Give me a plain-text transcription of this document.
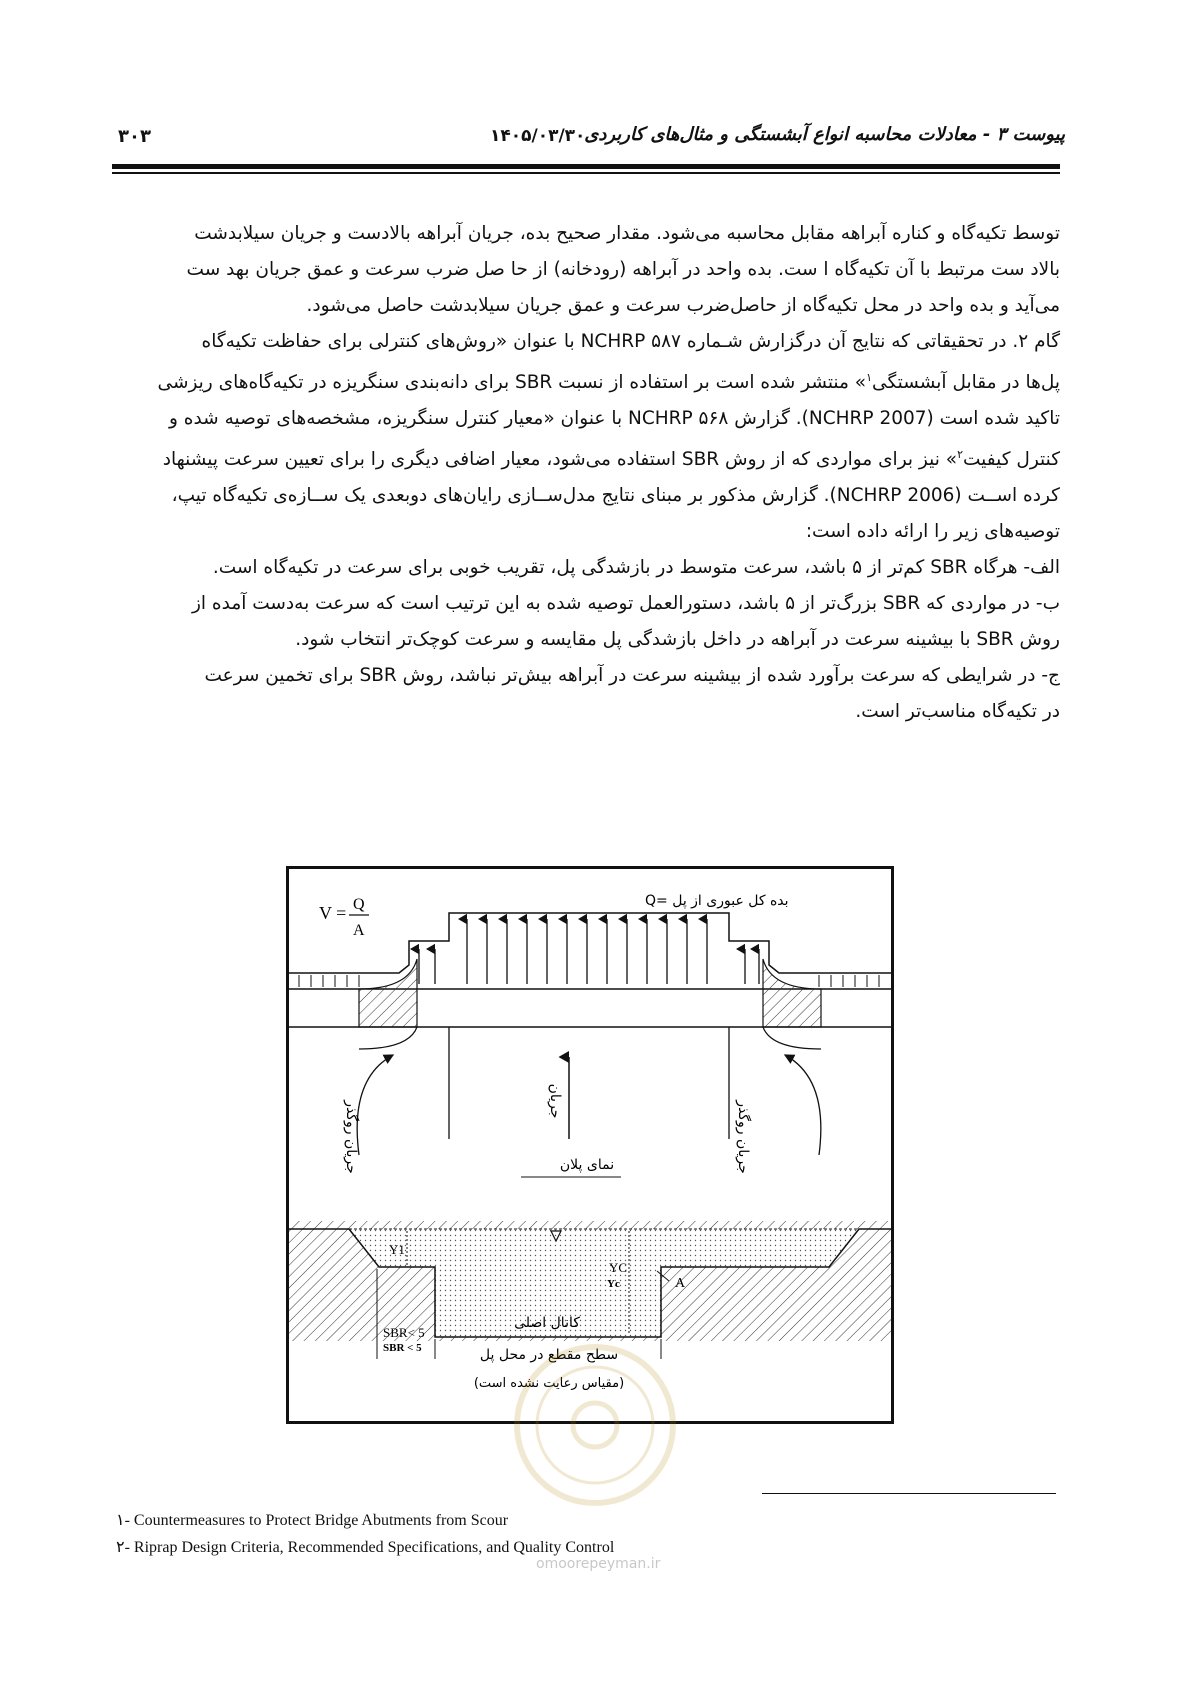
۳۰۳	۱۴۰۵/۰۳/۳۰
پیوست ۳ - معادلات محاسبه انواع آبشستگی و مثال‌های کاربردی

توسط تکیه‌گاه و کناره آبراهه مقابل محاسبه می‌شود. مقدار صحیح بده، جریان آبراهه بالادست و جریان سیلابدشت

بالاد ست مرتبط با آن تکیه‌گاه ا ست. بده واحد در آبراهه (رودخانه) از حا صل ضرب سرعت و عمق جریان بهد ست

می‌آید و بده واحد در محل تکیه‌گاه از حاصل‌ضرب سرعت و عمق جریان سیلابدشت حاصل می‌شود.

گام ۲. در تحقیقاتی که نتایج آن درگزارش شـماره NCHRP ۵۸۷ با عنوان «روش‌های کنترلی برای حفاظت تکیه‌گاه

پل‌ها در مقابل آبشستگی$^۱$» منتشر شده است بر استفاده از نسبت SBR برای دانه‌بندی سنگریزه در تکیه‌گاه‌های ریزشی

تاکید شده است (NCHRP 2007). گزارش NCHRP ۵۶۸ با عنوان «معیار کنترل سنگریزه، مشخصه‌های توصیه شده و

کنترل کیفیت$^۲$» نیز برای مواردی که از روش SBR استفاده می‌شود، معیار اضافی دیگری را برای تعیین سرعت پیشنهاد

کرده اســت (NCHRP 2006). گزارش مذکور بر مبنای نتایج مدل‌ســازی رایان‌های دوبعدی یک ســازه‌ی تکیه‌گاه تیپ،

توصیه‌های زیر را ارائه داده است:

الف- هرگاه SBR کم‌تر از ۵ باشد، سرعت متوسط در بازشدگی پل، تقریب خوبی برای سرعت در تکیه‌گاه است.

ب- در مواردی که SBR بزرگ‌تر از ۵ باشد، دستورالعمل توصیه شده به این ترتیب است که سرعت به‌دست آمده از

روش SBR با بیشینه سرعت در آبراهه در داخل بازشدگی پل مقایسه و سرعت کوچک‌تر انتخاب شود.

ج- در شرایطی که سرعت برآورد شده از بیشینه سرعت در آبراهه بیش‌تر نباشد، روش SBR برای تخمین سرعت

در تکیه‌گاه مناسب‌تر است.

V = Q
A
بده کل عبوری از پل =Q
جریان
جریان روگذر	جریان روگذر
نمای پلان
Y1
YC
Yc	A
SBR< 5
SBR < 5
کانال اصلی
سطح مقطع در محل پل
(مقیاس رعایت نشده است)
۱- Countermeasures to Protect Bridge Abutments from Scour
۲- Riprap Design Criteria, Recommended Specifications, and Quality Control
omoorepeyman.ir
